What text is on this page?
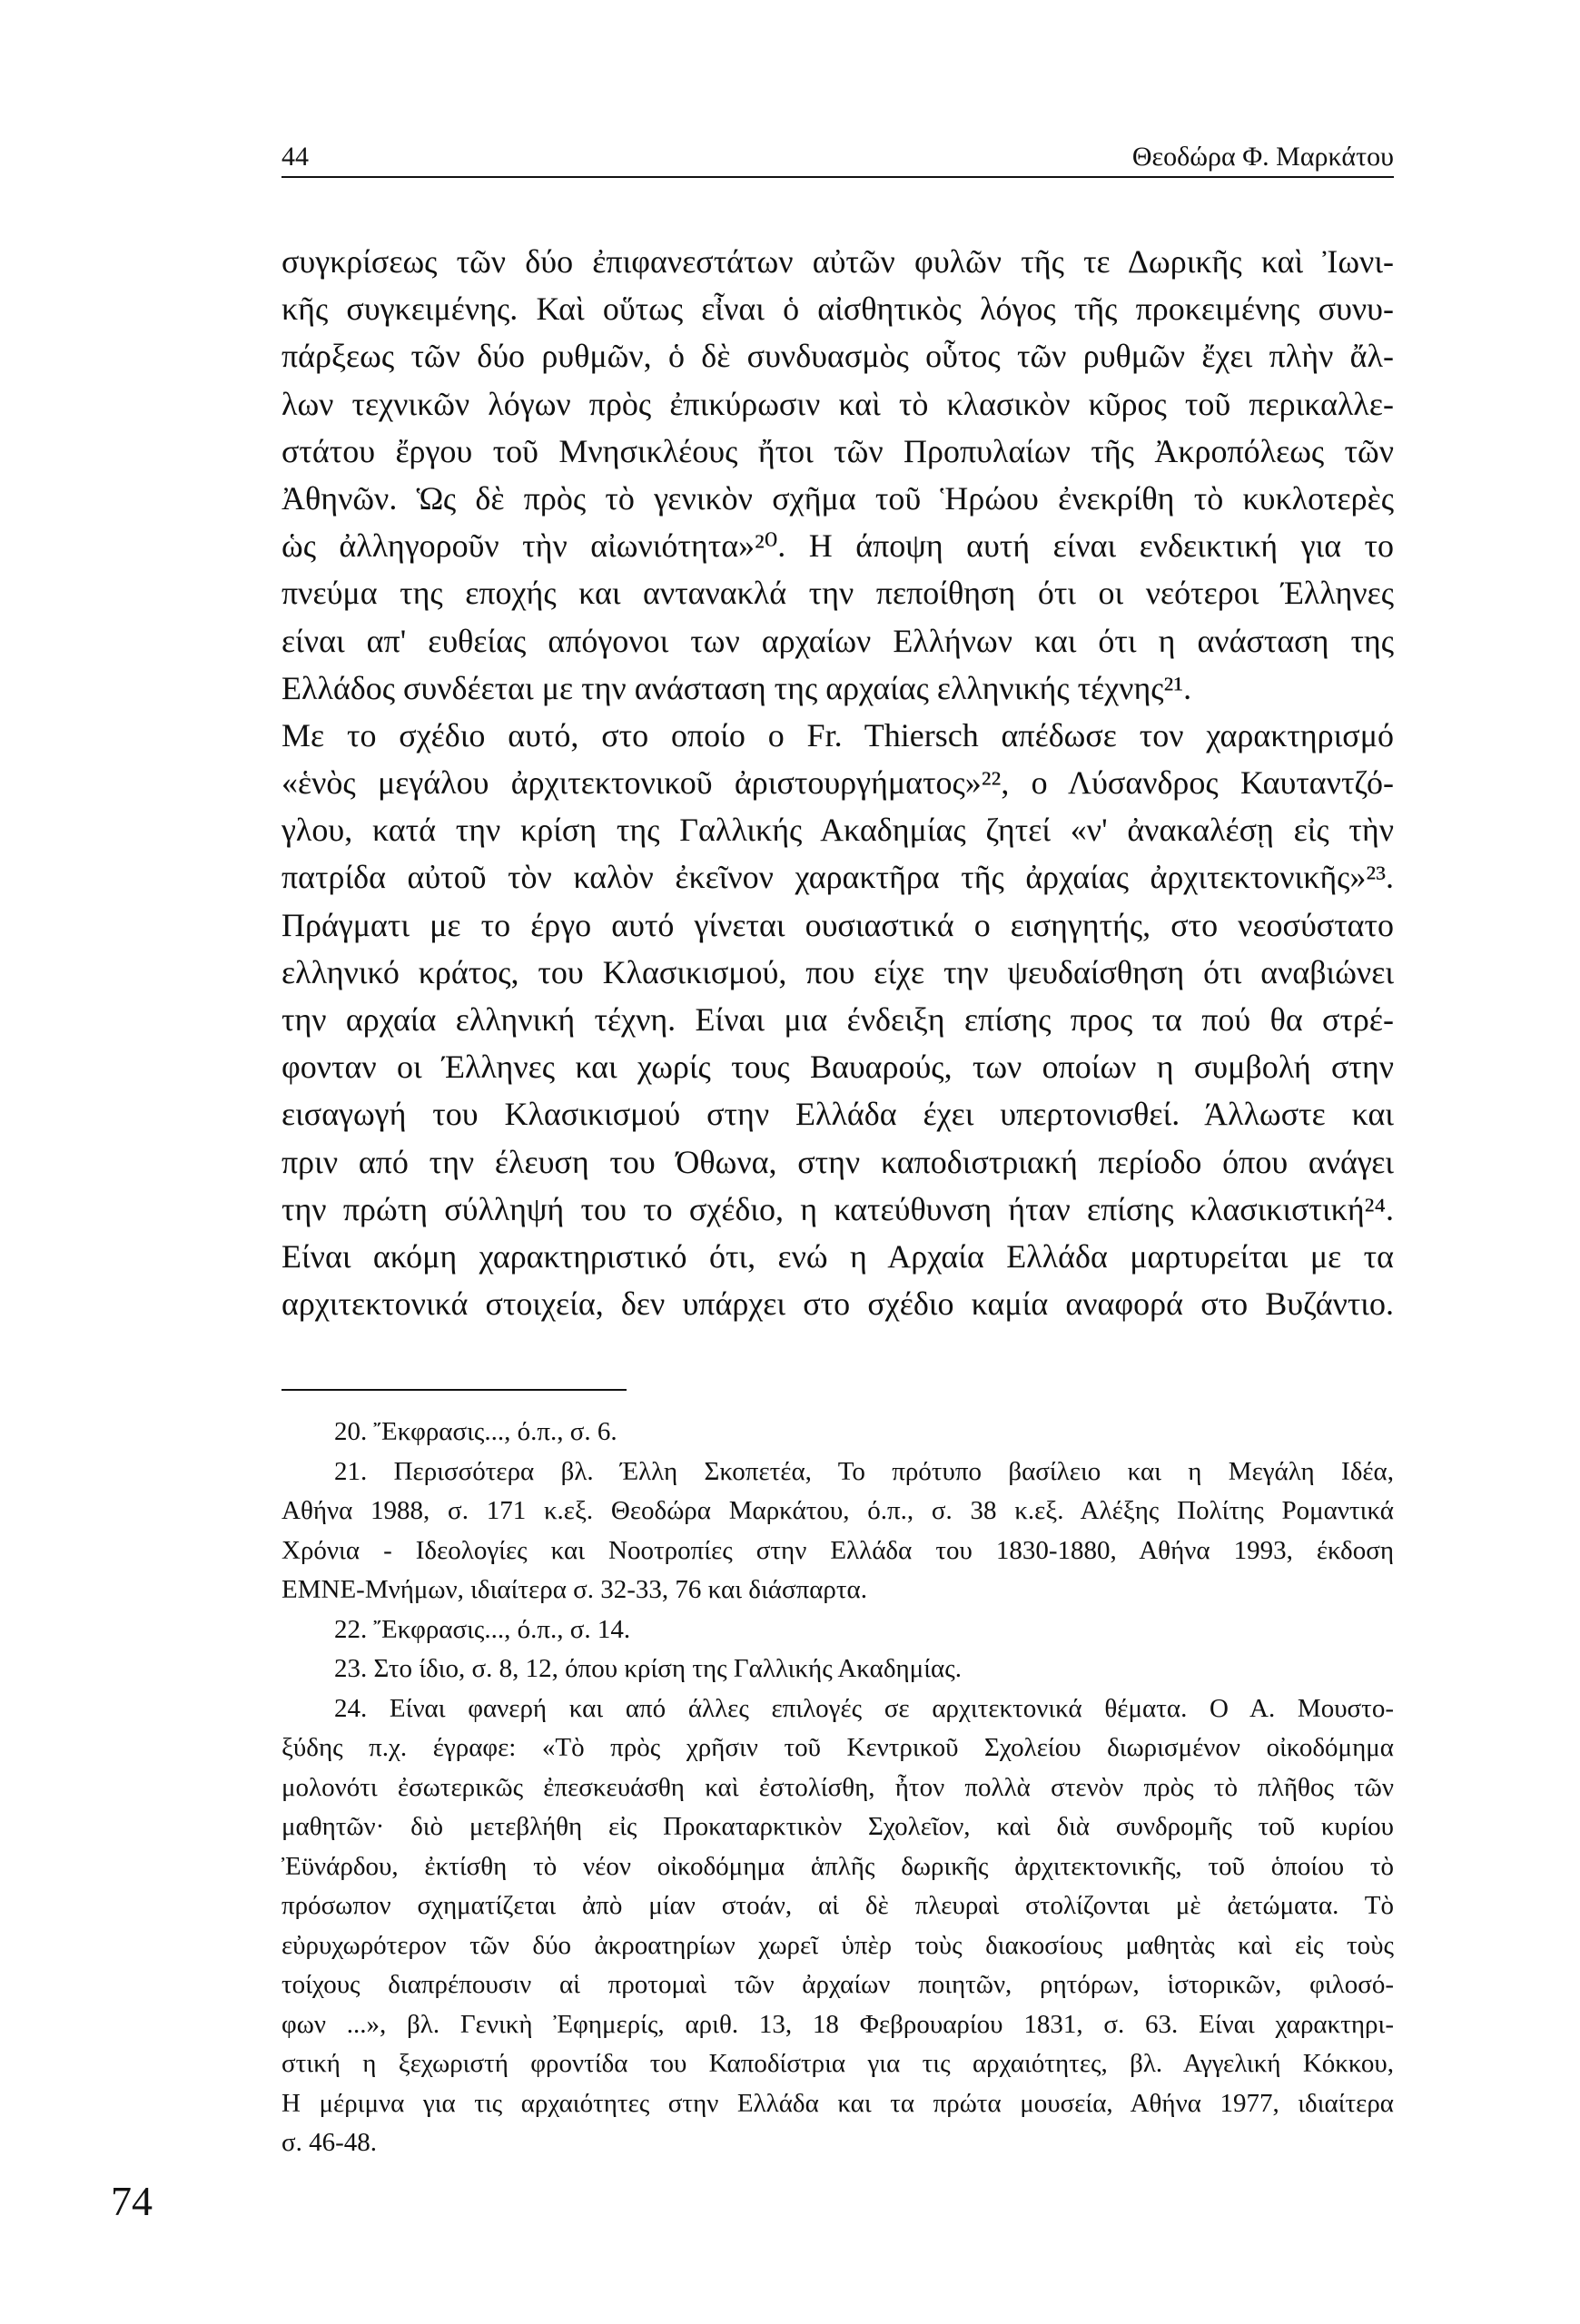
44	Θεοδώρα Φ. Μαρκάτου
συγκρίσεως τῶν δύο ἐπιφανεστάτων αὐτῶν φυλῶν τῆς τε Δωρικῆς καὶ Ἰωνι-
κῆς συγκειμένης. Καὶ οὕτως εἶναι ὁ αἰσθητικὸς λόγος τῆς προκειμένης συνυ-
πάρξεως τῶν δύο ρυθμῶν, ὁ δὲ συνδυασμὸς οὗτος τῶν ρυθμῶν ἔχει πλὴν ἄλ-
λων τεχνικῶν λόγων πρὸς ἐπικύρωσιν καὶ τὸ κλασικὸν κῦρος τοῦ περικαλλε-
στάτου ἔργου τοῦ Μνησικλέους ἤτοι τῶν Προπυλαίων τῆς Ἀκροπόλεως τῶν
Ἀθηνῶν. Ὡς δὲ πρὸς τὸ γενικὸν σχῆμα τοῦ Ἡρώου ἐνεκρίθη τὸ κυκλοτερὲς
ὡς ἀλληγοροῦν τὴν αἰωνιότητα»²⁰. Η άποψη αυτή είναι ενδεικτική για το
πνεύμα της εποχής και αντανακλά την πεποίθηση ότι οι νεότεροι Έλληνες
είναι απ' ευθείας απόγονοι των αρχαίων Ελλήνων και ότι η ανάσταση της
Ελλάδος συνδέεται με την ανάσταση της αρχαίας ελληνικής τέχνης²¹.
Με το σχέδιο αυτό, στο οποίο ο Fr. Thiersch απέδωσε τον χαρακτηρισμό
«ἑνὸς μεγάλου ἀρχιτεκτονικοῦ ἀριστουργήματος»²², ο Λύσανδρος Καυταντζό-
γλου, κατά την κρίση της Γαλλικής Ακαδημίας ζητεί «ν' ἀνακαλέσῃ εἰς τὴν
πατρίδα αὐτοῦ τὸν καλὸν ἐκεῖνον χαρακτῆρα τῆς ἀρχαίας ἀρχιτεκτονικῆς»²³.
Πράγματι με το έργο αυτό γίνεται ουσιαστικά ο εισηγητής, στο νεοσύστατο
ελληνικό κράτος, του Κλασικισμού, που είχε την ψευδαίσθηση ότι αναβιώνει
την αρχαία ελληνική τέχνη. Είναι μια ένδειξη επίσης προς τα πού θα στρέ-
φονταν οι Έλληνες και χωρίς τους Βαυαρούς, των οποίων η συμβολή στην
εισαγωγή του Κλασικισμού στην Ελλάδα έχει υπερτονισθεί. Άλλωστε και
πριν από την έλευση του Όθωνα, στην καποδιστριακή περίοδο όπου ανάγει
την πρώτη σύλληψή του το σχέδιο, η κατεύθυνση ήταν επίσης κλασικιστική²⁴.
Είναι ακόμη χαρακτηριστικό ότι, ενώ η Αρχαία Ελλάδα μαρτυρείται με τα
αρχιτεκτονικά στοιχεία, δεν υπάρχει στο σχέδιο καμία αναφορά στο Βυζάντιο.
20. Ἔκφρασις..., ό.π., σ. 6.
21. Περισσότερα βλ. Έλλη Σκοπετέα, Το πρότυπο βασίλειο και η Μεγάλη Ιδέα,
Αθήνα 1988, σ. 171 κ.εξ. Θεοδώρα Μαρκάτου, ό.π., σ. 38 κ.εξ. Αλέξης Πολίτης Ρομαντικά
Χρόνια - Ιδεολογίες και Νοοτροπίες στην Ελλάδα του 1830-1880, Αθήνα 1993, έκδοση
ΕΜΝΕ-Μνήμων, ιδιαίτερα σ. 32-33, 76 και διάσπαρτα.
22. Ἔκφρασις..., ό.π., σ. 14.
23. Στο ίδιο, σ. 8, 12, όπου κρίση της Γαλλικής Ακαδημίας.
24. Είναι φανερή και από άλλες επιλογές σε αρχιτεκτονικά θέματα. Ο Α. Μουστο-
ξύδης π.χ. έγραφε: «Τὸ πρὸς χρῆσιν τοῦ Κεντρικοῦ Σχολείου διωρισμένον οἰκοδόμημα
μολονότι ἐσωτερικῶς ἐπεσκευάσθη καὶ ἐστολίσθη, ἦτον πολλὰ στενὸν πρὸς τὸ πλῆθος τῶν
μαθητῶν· διὸ μετεβλήθη εἰς Προκαταρκτικὸν Σχολεῖον, καὶ διὰ συνδρομῆς τοῦ κυρίου
Ἐϋνάρδου, ἐκτίσθη τὸ νέον οἰκοδόμημα ἁπλῆς δωρικῆς ἀρχιτεκτονικῆς, τοῦ ὁποίου τὸ
πρόσωπον σχηματίζεται ἀπὸ μίαν στοάν, αἱ δὲ πλευραὶ στολίζονται μὲ ἀετώματα. Τὸ
εὐρυχωρότερον τῶν δύο ἀκροατηρίων χωρεῖ ὑπὲρ τοὺς διακοσίους μαθητὰς καὶ εἰς τοὺς
τοίχους διαπρέπουσιν αἱ προτομαὶ τῶν ἀρχαίων ποιητῶν, ρητόρων, ἱστορικῶν, φιλοσό-
φων ...», βλ. Γενικὴ Ἐφημερίς, αριθ. 13, 18 Φεβρουαρίου 1831, σ. 63. Είναι χαρακτηρι-
στική η ξεχωριστή φροντίδα του Καποδίστρια για τις αρχαιότητες, βλ. Αγγελική Κόκκου,
Η μέριμνα για τις αρχαιότητες στην Ελλάδα και τα πρώτα μουσεία, Αθήνα 1977, ιδιαίτερα
σ. 46-48.
74
